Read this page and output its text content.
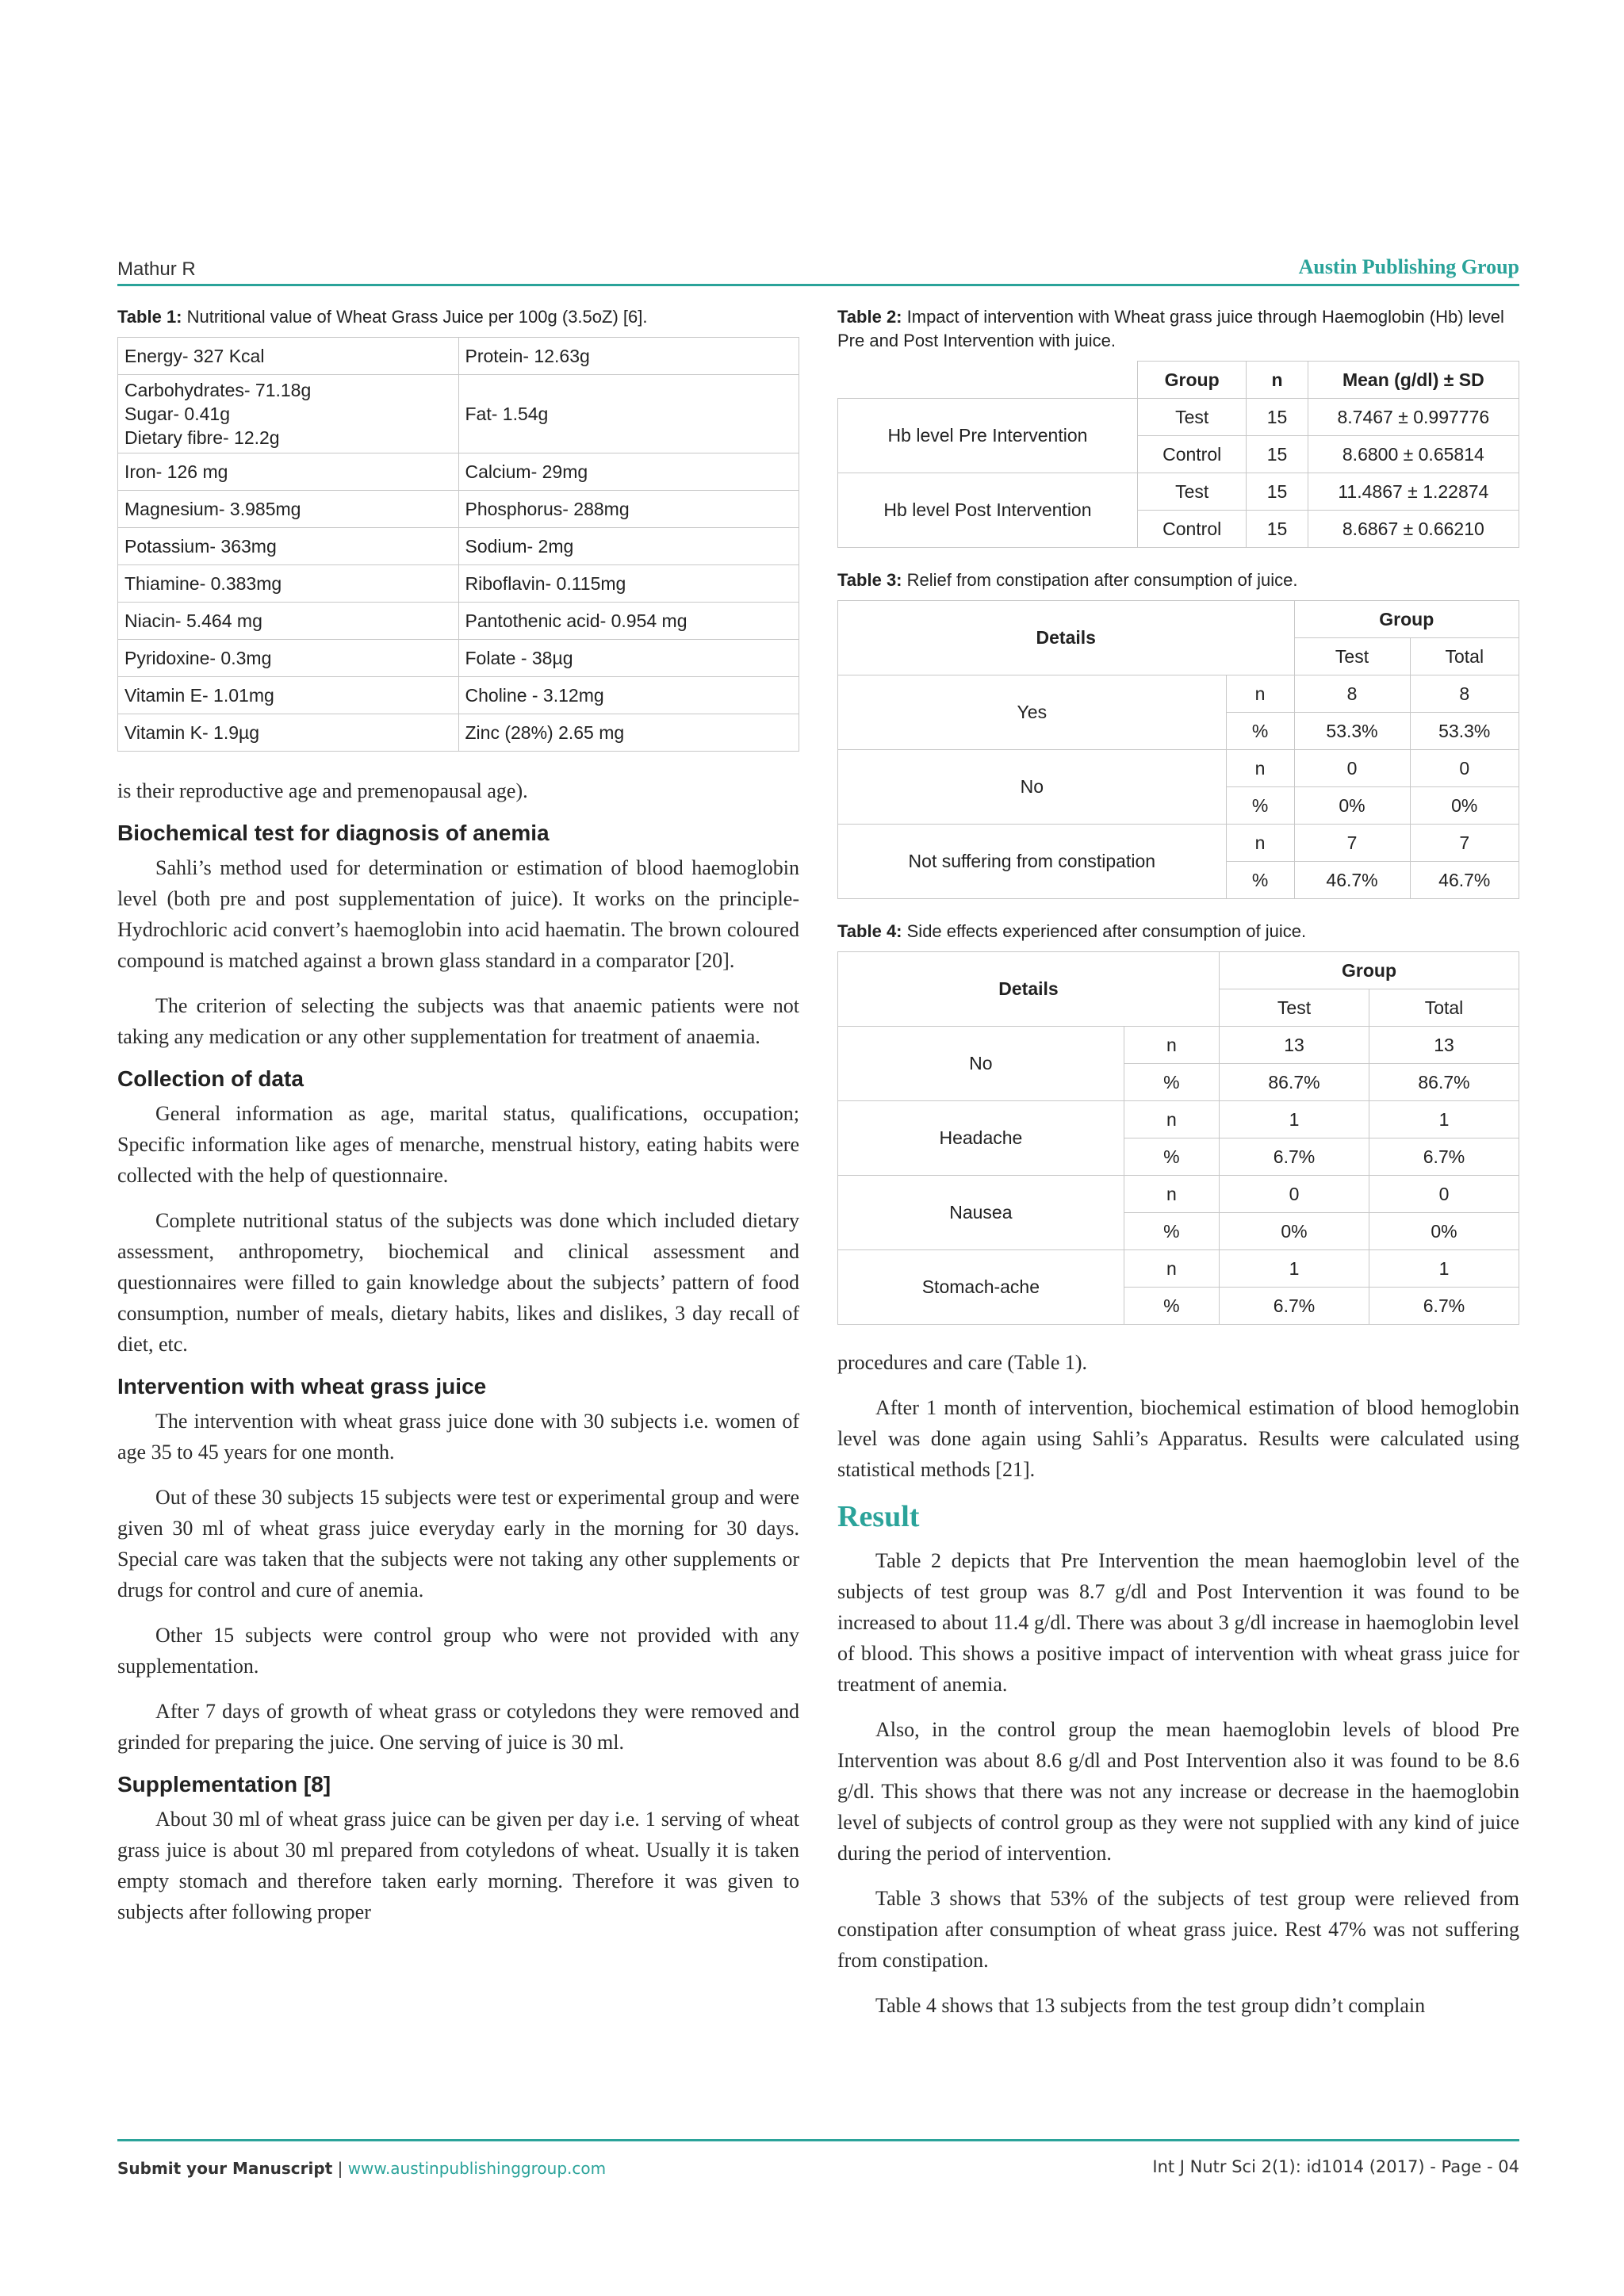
Mathur R	Austin Publishing Group
Table 1: Nutritional value of Wheat Grass Juice per 100g (3.5oZ) [6].
Energy- 327 Kcal	Protein- 12.63g

Carbohydrates- 71.18g
Sugar- 0.41g
Dietary fibre- 12.2g	Fat- 1.54g
Iron- 126 mg	Calcium- 29mg
Magnesium- 3.985mg	Phosphorus- 288mg
Potassium- 363mg	Sodium- 2mg
Thiamine- 0.383mg	Riboflavin- 0.115mg
Niacin- 5.464 mg	Pantothenic acid- 0.954 mg
Pyridoxine- 0.3mg	Folate - 38µg
Vitamin E- 1.01mg	Choline - 3.12mg
Vitamin K- 1.9µg	Zinc (28%) 2.65 mg

is their reproductive age and premenopausal age).

Biochemical test for diagnosis of anemia

Sahli’s method used for determination or estimation of blood haemoglobin level (both pre and post supplementation of juice). It works on the principle-Hydrochloric acid convert’s haemoglobin into acid haematin. The brown coloured compound is matched against a brown glass standard in a comparator [20].

The criterion of selecting the subjects was that anaemic patients were not taking any medication or any other supplementation for treatment of anaemia.

Collection of data

General information as age, marital status, qualifications, occupation; Specific information like ages of menarche, menstrual history, eating habits were collected with the help of questionnaire.

Complete nutritional status of the subjects was done which included dietary assessment, anthropometry, biochemical and clinical assessment and questionnaires were filled to gain knowledge about the subjects’ pattern of food consumption, number of meals, dietary habits, likes and dislikes, 3 day recall of diet, etc.

Intervention with wheat grass juice

The intervention with wheat grass juice done with 30 subjects i.e. women of age 35 to 45 years for one month.

Out of these 30 subjects 15 subjects were test or experimental group and were given 30 ml of wheat grass juice everyday early in the morning for 30 days. Special care was taken that the subjects were not taking any other supplements or drugs for control and cure of anemia.

Other 15 subjects were control group who were not provided with any supplementation.

After 7 days of growth of wheat grass or cotyledons they were removed and grinded for preparing the juice. One serving of juice is 30 ml.

Supplementation [8]

About 30 ml of wheat grass juice can be given per day i.e. 1 serving of wheat grass juice is about 30 ml prepared from cotyledons of wheat. Usually it is taken empty stomach and therefore taken early morning. Therefore it was given to subjects after following proper

Table 2: Impact of intervention with Wheat grass juice through Haemoglobin (Hb) level Pre and Post Intervention with juice.
	Group	n	Mean (g/dl) ± SD
Hb level Pre Intervention	Test	15	8.7467 ± 0.997776
	Control	15	8.6800 ± 0.65814
Hb level Post Intervention	Test	15	11.4867 ± 1.22874
	Control	15	8.6867 ± 0.66210
Table 3: Relief from constipation after consumption of juice.
Details		Group	
		Test	Total
Yes	n	8	8
	%	53.3%	53.3%
No	n	0	0
	%	0%	0%
Not suffering from constipation	n	7	7
	%	46.7%	46.7%
Table 4: Side effects experienced after consumption of juice.
Details		Group	
		Test	Total
No	n	13	13
	%	86.7%	86.7%
Headache	n	1	1
	%	6.7%	6.7%
Nausea	n	0	0
	%	0%	0%
Stomach-ache	n	1	1
	%	6.7%	6.7%

procedures and care (Table 1).

After 1 month of intervention, biochemical estimation of blood hemoglobin level was done again using Sahli’s Apparatus. Results were calculated using statistical methods [21].

Result

Table 2 depicts that Pre Intervention the mean haemoglobin level of the subjects of test group was 8.7 g/dl and Post Intervention it was found to be increased to about 11.4 g/dl. There was about 3 g/dl increase in haemoglobin level of blood. This shows a positive impact of intervention with wheat grass juice for treatment of anemia.

Also, in the control group the mean haemoglobin levels of blood Pre Intervention was about 8.6 g/dl and Post Intervention also it was found to be 8.6 g/dl. This shows that there was not any increase or decrease in the haemoglobin level of subjects of control group as they were not supplied with any kind of juice during the period of intervention.

Table 3 shows that 53% of the subjects of test group were relieved from constipation after consumption of wheat grass juice. Rest 47% was not suffering from constipation.

Table 4 shows that 13 subjects from the test group didn’t complain

Submit your Manuscript | www.austinpublishinggroup.com	Int J Nutr Sci 2(1): id1014 (2017) - Page - 04
